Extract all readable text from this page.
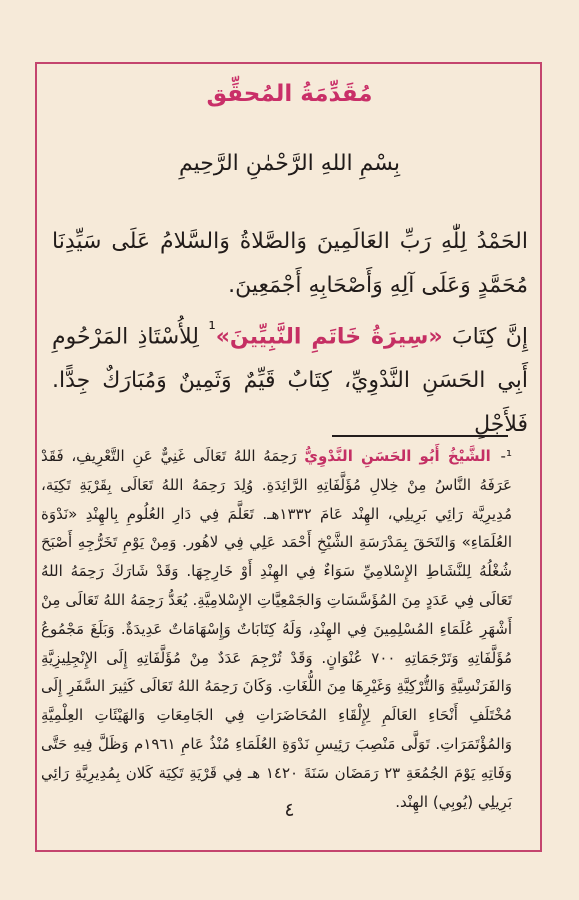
مُقَدِّمَةُ المُحقِّق
بِسْمِ اللهِ الرَّحْمٰنِ الرَّحِيمِ

الحَمْدُ لِلّٰهِ رَبِّ العَالَمِينَ وَالصَّلاةُ وَالسَّلامُ عَلَى سَيِّدِنَا مُحَمَّدٍ وَعَلَى آلِهِ وَأَصْحَابِهِ أَجْمَعِينَ.

إِنَّ كِتَابَ «سِيرَةُ خَاتَمِ النَّبِيِّينَ»$^{^1}$ لِلأُسْتَاذِ المَرْحُومِ أَبِي الحَسَنِ النَّدْوِيِّ، كِتَابٌ قَيِّمٌ وَثَمِينٌ وَمُبَارَكٌ جِدًّا. فَلأَجْلِ

¹- الشَّيْخُ أَبُو الحَسَنِ النَّدْوِيُّ رَحِمَهُ اللهُ تَعَالَى غَنِيٌّ عَنِ التَّعْرِيفِ، فَقَدْ عَرَفَهُ النَّاسُ مِنْ خِلالِ مُؤَلَّفَاتِهِ الرَّائِدَةِ. وُلِدَ رَحِمَهُ اللهُ تَعَالَى بِقَرْيَةِ تَكِيَة، مُدِيرِيَّة رَائِي بَرِيلِي، الهِنْد عَامَ ١٣٣٢هـ. تَعَلَّمَ فِي دَارِ العُلُومِ بِالهِنْدِ «نَدْوَة العُلَمَاءِ» وَالتَحَقَ بِمَدْرَسَةِ الشَّيْخِ أَحْمَد عَلِي فِي لاهُور. وَمِنْ يَوْمِ تَخَرُّجِهِ أَصْبَحَ شُغْلُهُ لِلنَّشَاطِ الإِسْلامِيِّ سَوَاءٌ فِي الهِنْدِ أَوْ خَارِجِهَا. وَقَدْ شَارَكَ رَحِمَهُ اللهُ تَعَالَى فِي عَدَدٍ مِنَ المُؤَسَّسَاتِ وَالجَمْعِيَّاتِ الإِسْلامِيَّةِ. يُعَدُّ رَحِمَهُ اللهُ تَعَالَى مِنْ أَشْهَرِ عُلَمَاءِ المُسْلِمِينَ فِي الهِنْدِ، وَلَهُ كِتَابَاتٌ وَإِسْهَامَاتٌ عَدِيدَةٌ. وَبَلَغَ مَجْمُوعُ مُؤَلَّفَاتِهِ وَتَرْجَمَاتِهِ ٧٠٠ عُنْوَانٍ. وَقَدْ تُرْجِمَ عَدَدٌ مِنْ مُؤَلَّفَاتِهِ إِلَى الإِنْجِلِيزِيَّةِ وَالفَرَنْسِيَّةِ وَالتُّرْكِيَّةِ وَغَيْرِهَا مِنَ اللُّغَاتِ. وَكَانَ رَحِمَهُ اللهُ تَعَالَى كَثِيرَ السَّفَرِ إِلَى مُخْتَلَفِ أَنْحَاءِ العَالَمِ لِإِلْقَاءِ المُحَاضَرَاتِ فِي الجَامِعَاتِ وَالهَيْئَاتِ العِلْمِيَّةِ وَالمُؤْتَمَرَاتِ. تَوَلَّى مَنْصِبَ رَئِيسِ نَدْوَةِ العُلَمَاءِ مُنْذُ عَامِ ١٩٦١م وَظَلَّ فِيهِ حَتَّى وَفَاتِهِ يَوْمَ الجُمُعَةِ ٢٣ رَمَضَان سَنَةَ ١٤٢٠ هـ فِي قَرْيَةِ تَكِيَة كَلان بِمُدِيرِيَّةِ رَائِي بَرِيلِي (يُوبِي) الهِنْد.
٤
